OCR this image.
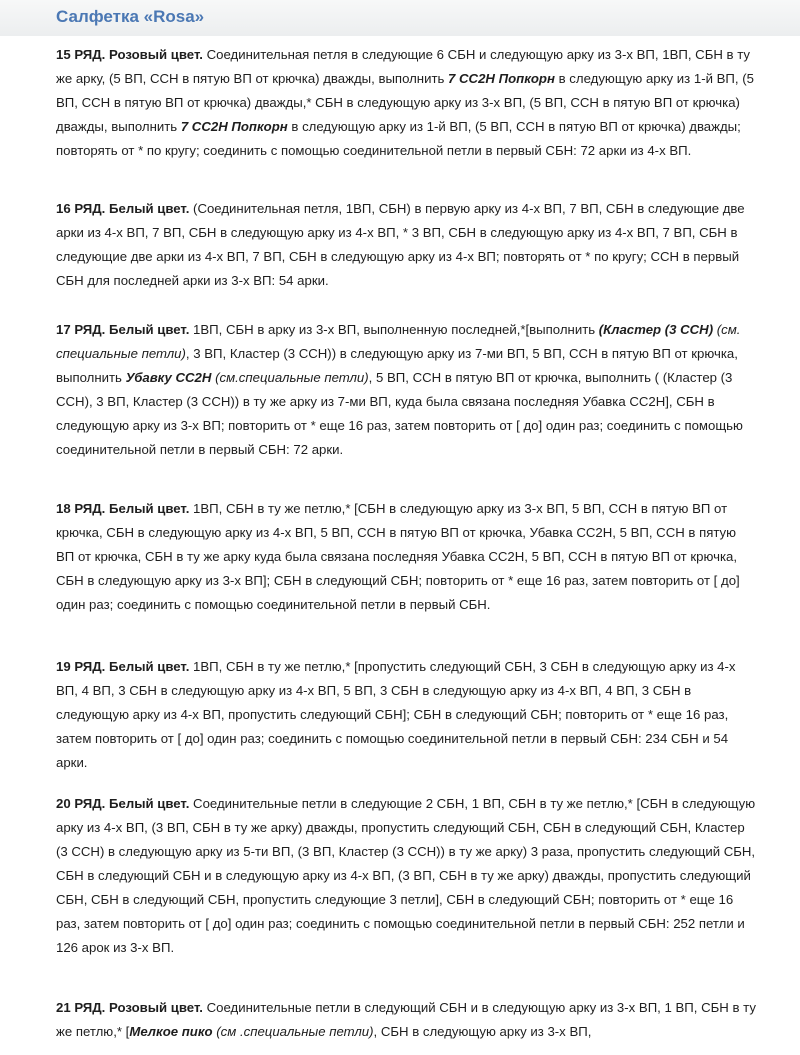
Салфетка «Rosa»
15 РЯД. Розовый цвет. Соединительная петля в следующие 6 СБН и следующую арку из 3-х ВП, 1ВП, СБН в ту же арку, (5 ВП, ССН в пятую ВП от крючка) дважды, выполнить 7 СС2Н Попкорн в следующую арку из 1-й ВП, (5 ВП, ССН в пятую ВП от крючка) дважды,* СБН в следующую арку из 3-х ВП, (5 ВП, ССН в пятую ВП от крючка) дважды, выполнить 7 СС2Н Попкорн в следующую арку из 1-й ВП, (5 ВП, ССН в пятую ВП от крючка) дважды; повторять от * по кругу; соединить с помощью соединительной петли в первый СБН: 72 арки из 4-х ВП.
16 РЯД. Белый цвет. (Соединительная петля, 1ВП, СБН) в первую арку из 4-х ВП, 7 ВП, СБН в следующие две арки из 4-х ВП, 7 ВП, СБН в следующую арку из 4-х ВП, * 3 ВП, СБН в следующую арку из 4-х ВП, 7 ВП, СБН в следующие две арки из 4-х ВП, 7 ВП, СБН в следующую арку из 4-х ВП; повторять от * по кругу; ССН в первый СБН для последней арки из 3-х ВП: 54 арки.
17 РЯД. Белый цвет. 1ВП, СБН в арку из 3-х ВП, выполненную последней,*[выполнить (Кластер (3 ССН) (см. специальные петли), 3 ВП, Кластер (3 ССН)) в следующую арку из 7-ми ВП, 5 ВП, ССН в пятую ВП от крючка, выполнить Убавку СС2Н (см.специальные петли), 5 ВП, ССН в пятую ВП от крючка, выполнить ( (Кластер (3 ССН), 3 ВП, Кластер (3 ССН)) в ту же арку из 7-ми ВП, куда была связана последняя Убавка СС2Н], СБН в следующую арку из 3-х ВП; повторить от * еще 16 раз, затем повторить от [ до] один раз; соединить с помощью соединительной петли в первый СБН: 72 арки.
18 РЯД. Белый цвет. 1ВП, СБН в ту же петлю,* [СБН в следующую арку из 3-х ВП, 5 ВП, ССН в пятую ВП от крючка, СБН в следующую арку из 4-х ВП, 5 ВП, ССН в пятую ВП от крючка, Убавка СС2Н, 5 ВП, ССН в пятую ВП от крючка, СБН в ту же арку куда была связана последняя Убавка СС2Н, 5 ВП, ССН в пятую ВП от крючка, СБН в следующую арку из 3-х ВП]; СБН в следующий СБН; повторить от * еще 16 раз, затем повторить от [ до] один раз; соединить с помощью соединительной петли в первый СБН.
19 РЯД. Белый цвет. 1ВП, СБН в ту же петлю,* [пропустить следующий СБН, 3 СБН в следующую арку из 4-х ВП, 4 ВП, 3 СБН в следующую арку из 4-х ВП, 5 ВП, 3 СБН в следующую арку из 4-х ВП, 4 ВП, 3 СБН в следующую арку из 4-х ВП, пропустить следующий СБН]; СБН в следующий СБН; повторить от * еще 16 раз, затем повторить от [ до] один раз; соединить с помощью соединительной петли в первый СБН: 234 СБН и 54 арки.
20 РЯД. Белый цвет. Соединительные петли в следующие 2 СБН, 1 ВП, СБН в ту же петлю,* [СБН в следующую арку из 4-х ВП, (3 ВП, СБН в ту же арку) дважды, пропустить следующий СБН, СБН в следующий СБН, Кластер (3 ССН) в следующую арку из 5-ти ВП, (3 ВП, Кластер (3 ССН)) в ту же арку) 3 раза, пропустить следующий СБН, СБН в следующий СБН и в следующую арку из 4-х ВП, (3 ВП, СБН в ту же арку) дважды, пропустить следующий СБН, СБН в следующий СБН, пропустить следующие 3 петли], СБН в следующий СБН; повторить от * еще 16 раз, затем повторить от [ до] один раз; соединить с помощью соединительной петли в первый СБН: 252 петли и 126 арок из 3-х ВП.
21 РЯД. Розовый цвет. Соединительные петли в следующий СБН и в следующую арку из 3-х ВП, 1 ВП, СБН в ту же петлю,* [Мелкое пико (см .специальные петли), СБН в следующую арку из 3-х ВП,
